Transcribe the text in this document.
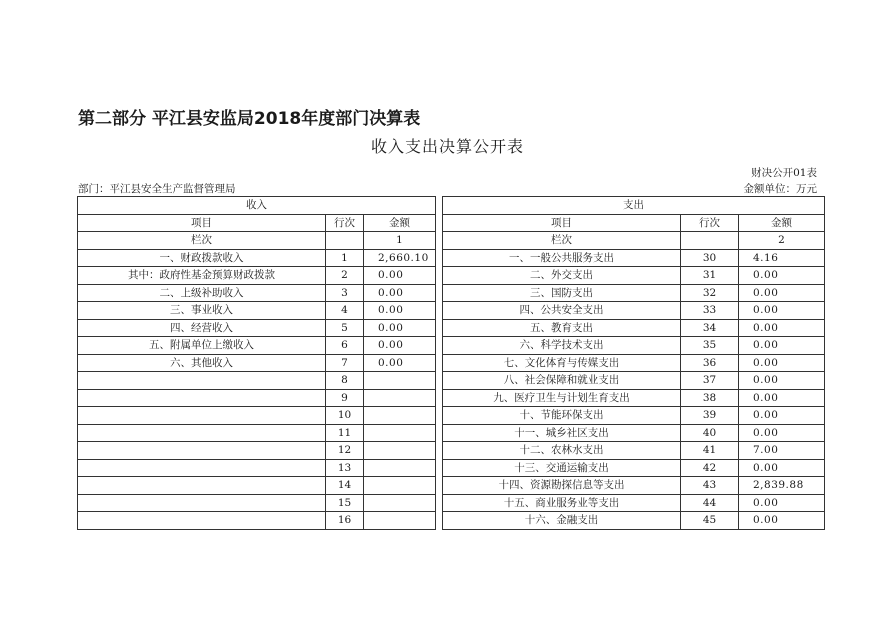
第二部分 平江县安监局2018年度部门决算表
收入支出决算公开表
财决公开01表
部门：平江县安全生产监督管理局	金额单位：万元
收入				支出		
项目	行次	金额		项目	行次	金额
栏次		1		栏次		2
一、财政拨款收入	1	2,660.10		一、一般公共服务支出	30	4.16
其中：政府性基金预算财政拨款	2	0.00		二、外交支出	31	0.00
二、上级补助收入	3	0.00		三、国防支出	32	0.00
三、事业收入	4	0.00		四、公共安全支出	33	0.00
四、经营收入	5	0.00		五、教育支出	34	0.00
五、附属单位上缴收入	6	0.00		六、科学技术支出	35	0.00
六、其他收入	7	0.00		七、文化体育与传媒支出	36	0.00
	8			八、社会保障和就业支出	37	0.00
	9			九、医疗卫生与计划生育支出	38	0.00
	10			十、节能环保支出	39	0.00
	11			十一、城乡社区支出	40	0.00
	12			十二、农林水支出	41	7.00
	13			十三、交通运输支出	42	0.00
	14			十四、资源勘探信息等支出	43	2,839.88
	15			十五、商业服务业等支出	44	0.00
	16			十六、金融支出	45	0.00
